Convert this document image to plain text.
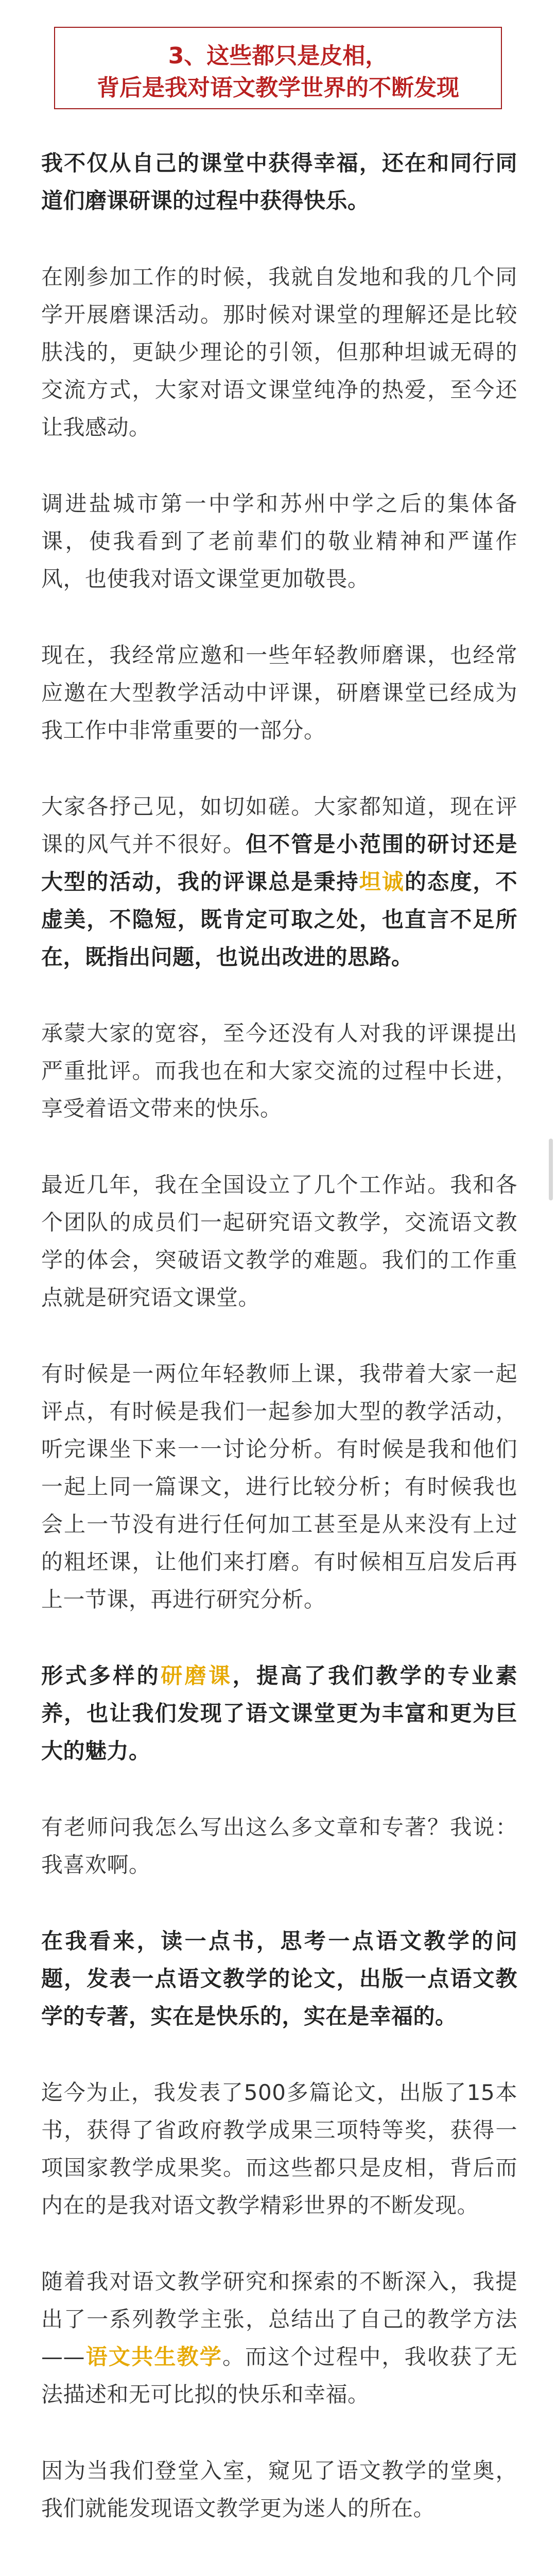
3、这些都只是皮相，
背后是我对语文教学世界的不断发现

我不仅从自己的课堂中获得幸福，还在和同行同道们磨课研课的过程中获得快乐。

在刚参加工作的时候，我就自发地和我的几个同学开展磨课活动。那时候对课堂的理解还是比较肤浅的，更缺少理论的引领，但那种坦诚无碍的交流方式，大家对语文课堂纯净的热爱，至今还让我感动。

调进盐城市第一中学和苏州中学之后的集体备课，使我看到了老前辈们的敬业精神和严谨作风，也使我对语文课堂更加敬畏。

现在，我经常应邀和一些年轻教师磨课，也经常应邀在大型教学活动中评课，研磨课堂已经成为我工作中非常重要的一部分。

大家各抒己见，如切如磋。大家都知道，现在评课的风气并不很好。但不管是小范围的研讨还是大型的活动，我的评课总是秉持坦诚的态度，不虚美，不隐短，既肯定可取之处，也直言不足所在，既指出问题，也说出改进的思路。

承蒙大家的宽容，至今还没有人对我的评课提出严重批评。而我也在和大家交流的过程中长进，享受着语文带来的快乐。

最近几年，我在全国设立了几个工作站。我和各个团队的成员们一起研究语文教学，交流语文教学的体会，突破语文教学的难题。我们的工作重点就是研究语文课堂。

有时候是一两位年轻教师上课，我带着大家一起评点，有时候是我们一起参加大型的教学活动，听完课坐下来一一讨论分析。有时候是我和他们一起上同一篇课文，进行比较分析；有时候我也会上一节没有进行任何加工甚至是从来没有上过的粗坯课，让他们来打磨。有时候相互启发后再上一节课，再进行研究分析。

形式多样的研磨课，提高了我们教学的专业素养，也让我们发现了语文课堂更为丰富和更为巨大的魅力。

有老师问我怎么写出这么多文章和专著？我说：我喜欢啊。

在我看来，读一点书，思考一点语文教学的问题，发表一点语文教学的论文，出版一点语文教学的专著，实在是快乐的，实在是幸福的。

迄今为止，我发表了500多篇论文，出版了15本书，获得了省政府教学成果三项特等奖，获得一项国家教学成果奖。而这些都只是皮相，背后而内在的是我对语文教学精彩世界的不断发现。

随着我对语文教学研究和探索的不断深入，我提出了一系列教学主张，总结出了自己的教学方法——语文共生教学。而这个过程中，我收获了无法描述和无可比拟的快乐和幸福。

因为当我们登堂入室，窥见了语文教学的堂奥，我们就能发现语文教学更为迷人的所在。
